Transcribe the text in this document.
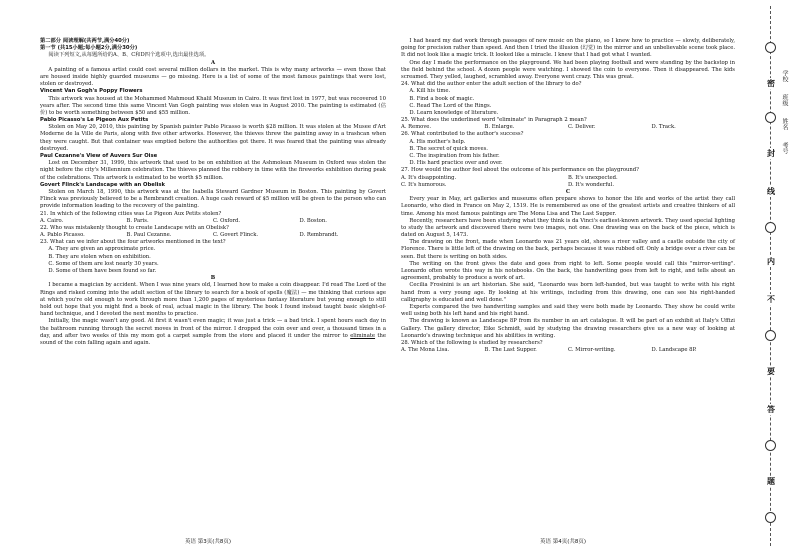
第二部分 阅读理解(共两节,满分40分)

第一节 (共15小题;每小题2分,满分30分)

阅读下列短文,从每题所给的A、B、C和D四个选项中,选出最佳选项。

A

A painting of a famous artist could cost several million dollars in the market. This is why many artworks — even those that are housed inside highly guarded museums — go missing. Here is a list of some of the most famous paintings that were lost, stolen or destroyed.

Vincent Van Gogh's Poppy Flowers

This artwork was housed at the Mohammed Mahmoud Khalil Museum in Cairo. It was first lost in 1977, but was recovered 10 years after. The second time this same Vincent Van Gogh painting was stolen was in August 2010. The painting is estimated (估价) to be worth something between $50 and $55 million.

Pablo Picasso's Le Pigeon Aux Petits

Stolen on May 20, 2010, this painting by Spanish painter Pablo Picasso is worth $28 million. It was stolen at the Musee d'Art Moderne de la Ville de Paris, along with five other artworks. However, the thieves threw the painting away in a trashcan when they were caught. But that container was emptied before the authorities got there. It was feared that the painting was already destroyed.

Paul Cezanne's View of Auvers Sur Oise

Lost on December 31, 1999, this artwork that used to be on exhibition at the Ashmolean Museum in Oxford was stolen the night before the city's Millennium celebration. The thieves planned the robbery in time with the fireworks exhibition during peak of the celebrations. This artwork is estimated to be worth $5 million.

Govert Flinck's Landscape with an Obelisk

Stolen on March 18, 1990, this artwork was at the Isabella Steward Gardner Museum in Boston. This painting by Govert Flinck was previously believed to be a Rembrandt creation. A huge cash reward of $5 million will be given to the person who can provide information leading to the recovery of the painting.

21. In which of the following cities was Le Pigeon Aux Petits stolen?

A. Cairo.	B. Paris.	C. Oxford.	D. Boston.

22. Who was mistakenly thought to create Landscape with an Obelisk?

A. Pablo Picasso.	B. Paul Cezanne.	C. Govert Flinck.	D. Rembrandt.

23. What can we infer about the four artworks mentioned in the text?

A. They are given an approximate price.

B. They are stolen when on exhibition.

C. Some of them are lost nearly 30 years.

D. Some of them have been found so far.

B

I became a magician by accident. When I was nine years old, I learned how to make a coin disappear. I'd read The Lord of the Rings and risked coming into the adult section of the library to search for a book of spells (魔法) — me thinking that curious age at which you're old enough to work through more than 1,200 pages of mysterious fantasy literature but young enough to still hold out hope that you might find a book of real, actual magic in the library. The book I found instead taught basic sleight-of-hand technique, and I devoted the next months to practice.

Initially, the magic wasn't any good. At first it wasn't even magic; it was just a trick — a bad trick. I spent hours each day in the bathroom running through the secret moves in front of the mirror. I dropped the coin over and over, a thousand times in a day, and after two weeks of this my mom got a carpet sample from the store and placed it under the mirror to eliminate the sound of the coin falling again and again.

I had heard my dad work through passages of new music on the piano, so I knew how to practice — slowly, deliberately, going for precision rather than speed. And then I tried the illusion (幻觉) in the mirror and an unbelievable scene took place. It did not look like a magic trick. It looked like a miracle. I knew that I had got what I wanted.

One day I made the performance on the playground. We had been playing football and were standing by the backstop in the field behind the school. A dozen people were watching. I showed the coin to everyone. Then it disappeared. The kids screamed. They yelled, laughed, scrambled away. Everyone went crazy. This was great.

24. What did the author enter the adult section of the library to do?

A. Kill his time.

B. Find a book of magic.

C. Read The Lord of the Rings.

D. Learn knowledge of literature.

25. What does the underlined word "eliminate" in Paragraph 2 mean?

A. Remove.	B. Enlarge.	C. Deliver.	D. Track.

26. What contributed to the author's success?

A. His mother's help.

B. The secret of quick moves.

C. The inspiration from his father.

D. His hard practice over and over.

27. How would the author feel about the outcome of his performance on the playground?

A. It's disappointing.	B. It's unexpected.
C. It's humorous.	D. It's wonderful.

C

Every year in May, art galleries and museums often prepare shows to honor the life and works of the artist they call Leonardo, who died in France on May 2, 1519. He is remembered as one of the greatest artists and creative thinkers of all time. Among his most famous paintings are The Mona Lisa and The Last Supper.

Recently, researchers have been studying what they think is da Vinci's earliest-known artwork. They used special lighting to study the artwork and discovered there were two images, not one. One drawing was on the back of the piece, which is dated on August 5, 1473.

The drawing on the front, made when Leonardo was 21 years old, shows a river valley and a castle outside the city of Florence. There is little left of the drawing on the back, perhaps because it was rubbed off. Only a bridge over a river can be seen. But there is writing on both sides.

The writing on the front gives the date and goes from right to left. Some people would call this "mirror-writing". Leonardo often wrote this way in his notebooks. On the back, the handwriting goes from left to right, and tells about an agreement, probably to produce a work of art.

Cecilia Frosinini is an art historian. She said, "Leonardo was born left-handed, but was taught to write with his right hand from a very young age. By looking at his writings, including from this drawing, one can see his right-handed calligraphy is educated and well done."

Experts compared the two handwriting samples and said they were both made by Leonardo. They show he could write well using both his left hand and his right hand.

The drawing is known as Landscape 8P from its number in an art catalogue. It will be part of an exhibit at Italy's Uffizi Gallery. The gallery director, Eike Schmidt, said by studying the drawing researchers give us a new way of looking at Leonardo's drawing technique and his abilities in writing.

28. Which of the following is studied by researchers?

A. The Mona Lisa.	B. The Last Supper.	C. Mirror-writing.	D. Landscape 8P.
英语 第3页(共8页)	英语 第4页(共8页)
学校　　班级　　姓名　　考号
密
封
线
内
不
要
答
题
